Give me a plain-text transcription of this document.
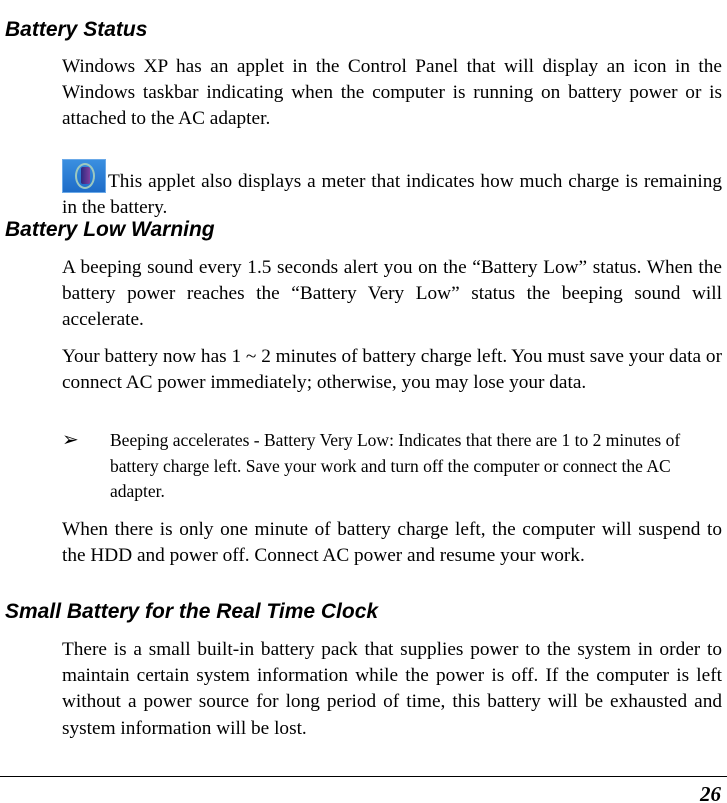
Battery Status

Windows XP has an applet in the Control Panel that will display an icon in the Windows taskbar indicating when the computer is running on battery power or is attached to the AC adapter.

This applet also displays a meter that indicates how much charge is remaining in the battery.

Battery Low Warning

A beeping sound every 1.5 seconds alert you on the “Battery Low” status. When the battery power reaches the “Battery Very Low” status the beeping sound will accelerate.

Your battery now has 1 ~ 2 minutes of battery charge left. You must save your data or connect AC power immediately; otherwise, you may lose your data.

➢ Beeping accelerates - Battery Very Low: Indicates that there are 1 to 2 minutes of battery charge left. Save your work and turn off the computer or connect the AC adapter.

When there is only one minute of battery charge left, the computer will suspend to the HDD and power off. Connect AC power and resume your work.

Small Battery for the Real Time Clock

There is a small built-in battery pack that supplies power to the system in order to maintain certain system information while the power is off. If the computer is left without a power source for long period of time, this battery will be exhausted and system information will be lost.

26
